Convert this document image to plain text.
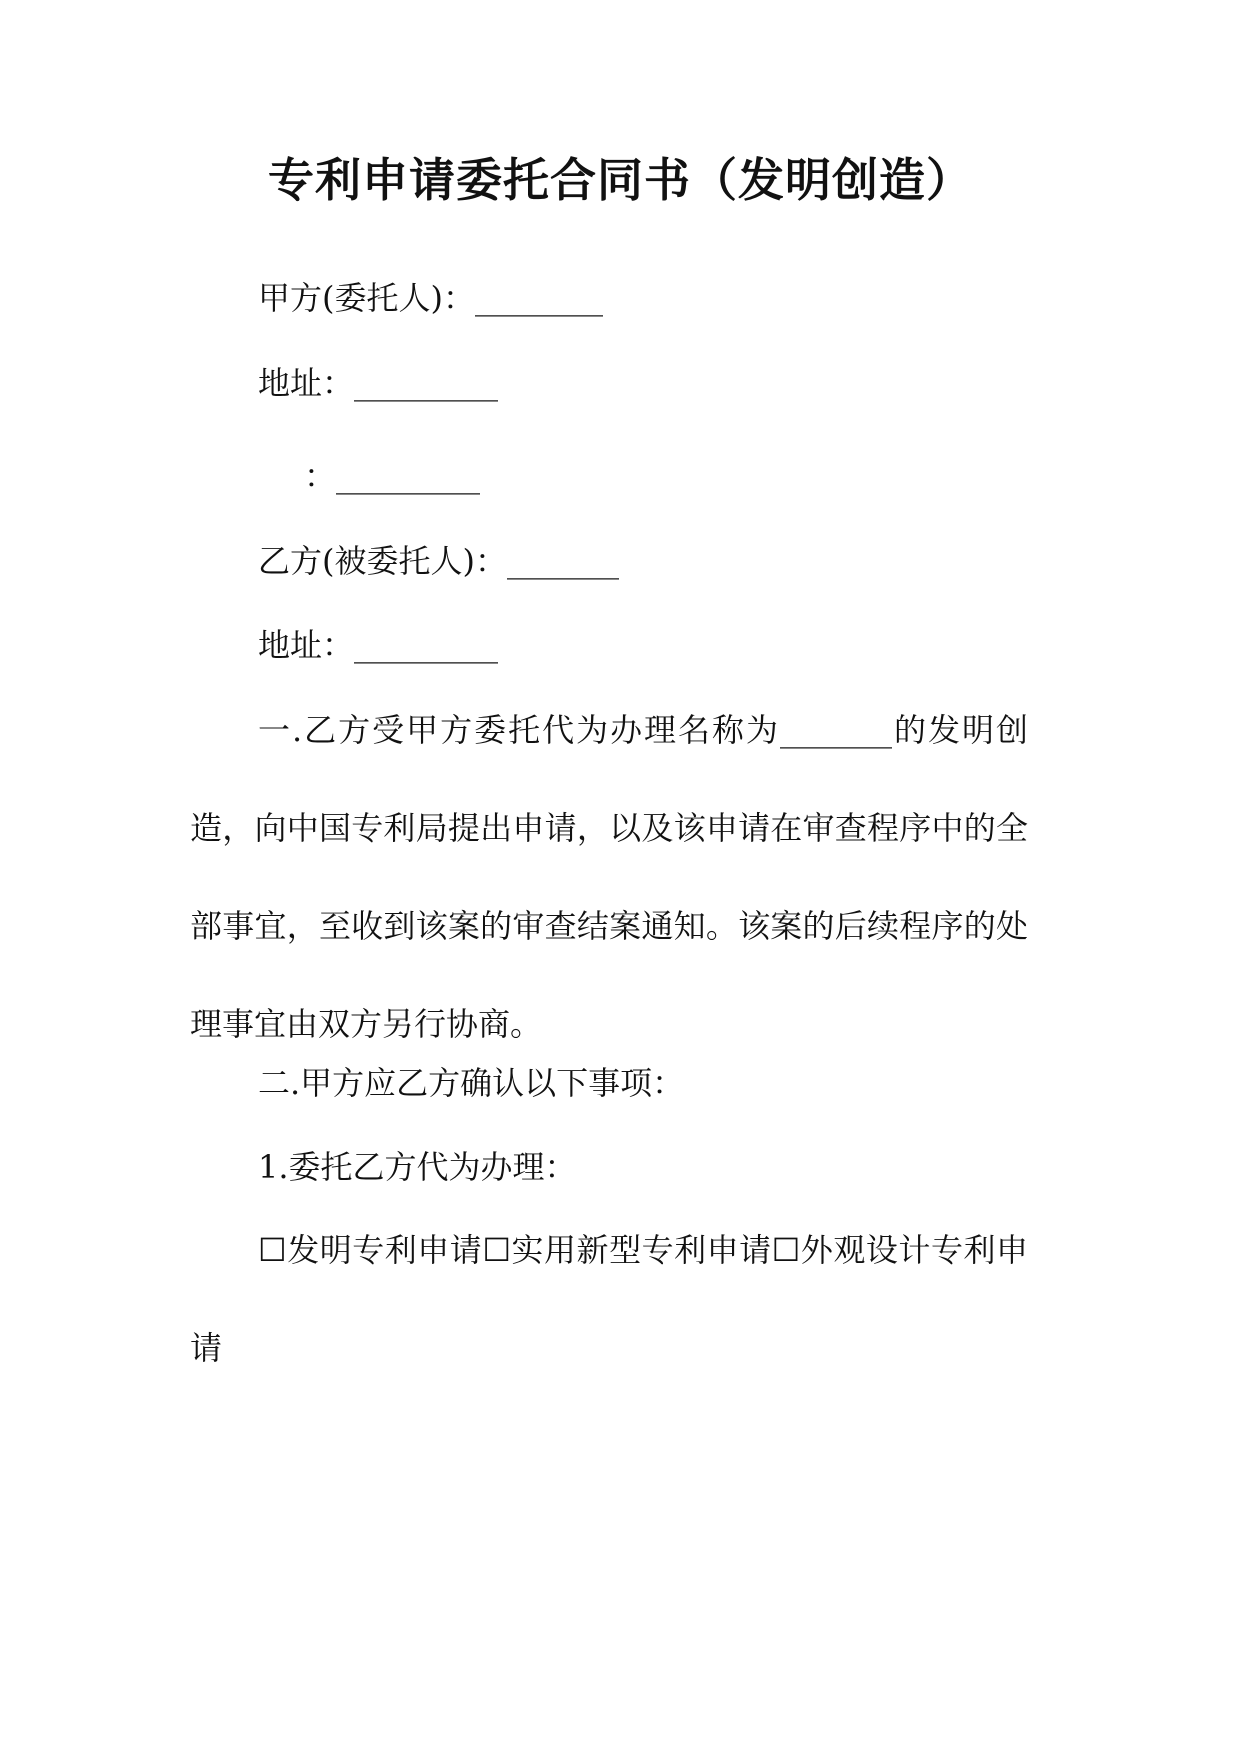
专利申请委托合同书（发明创造）
甲方(委托人)：________
地址：_________
：_________
乙方(被委托人)：_______
地址：_________

一.乙方受甲方委托代为办理名称为_______的发明创造，向中国专利局提出申请，以及该申请在审查程序中的全部事宜，至收到该案的审查结案通知。该案的后续程序的处理事宜由双方另行协商。

二.甲方应乙方确认以下事项：
1.委托乙方代为办理：

☐发明专利申请☐实用新型专利申请☐外观设计专利申请
